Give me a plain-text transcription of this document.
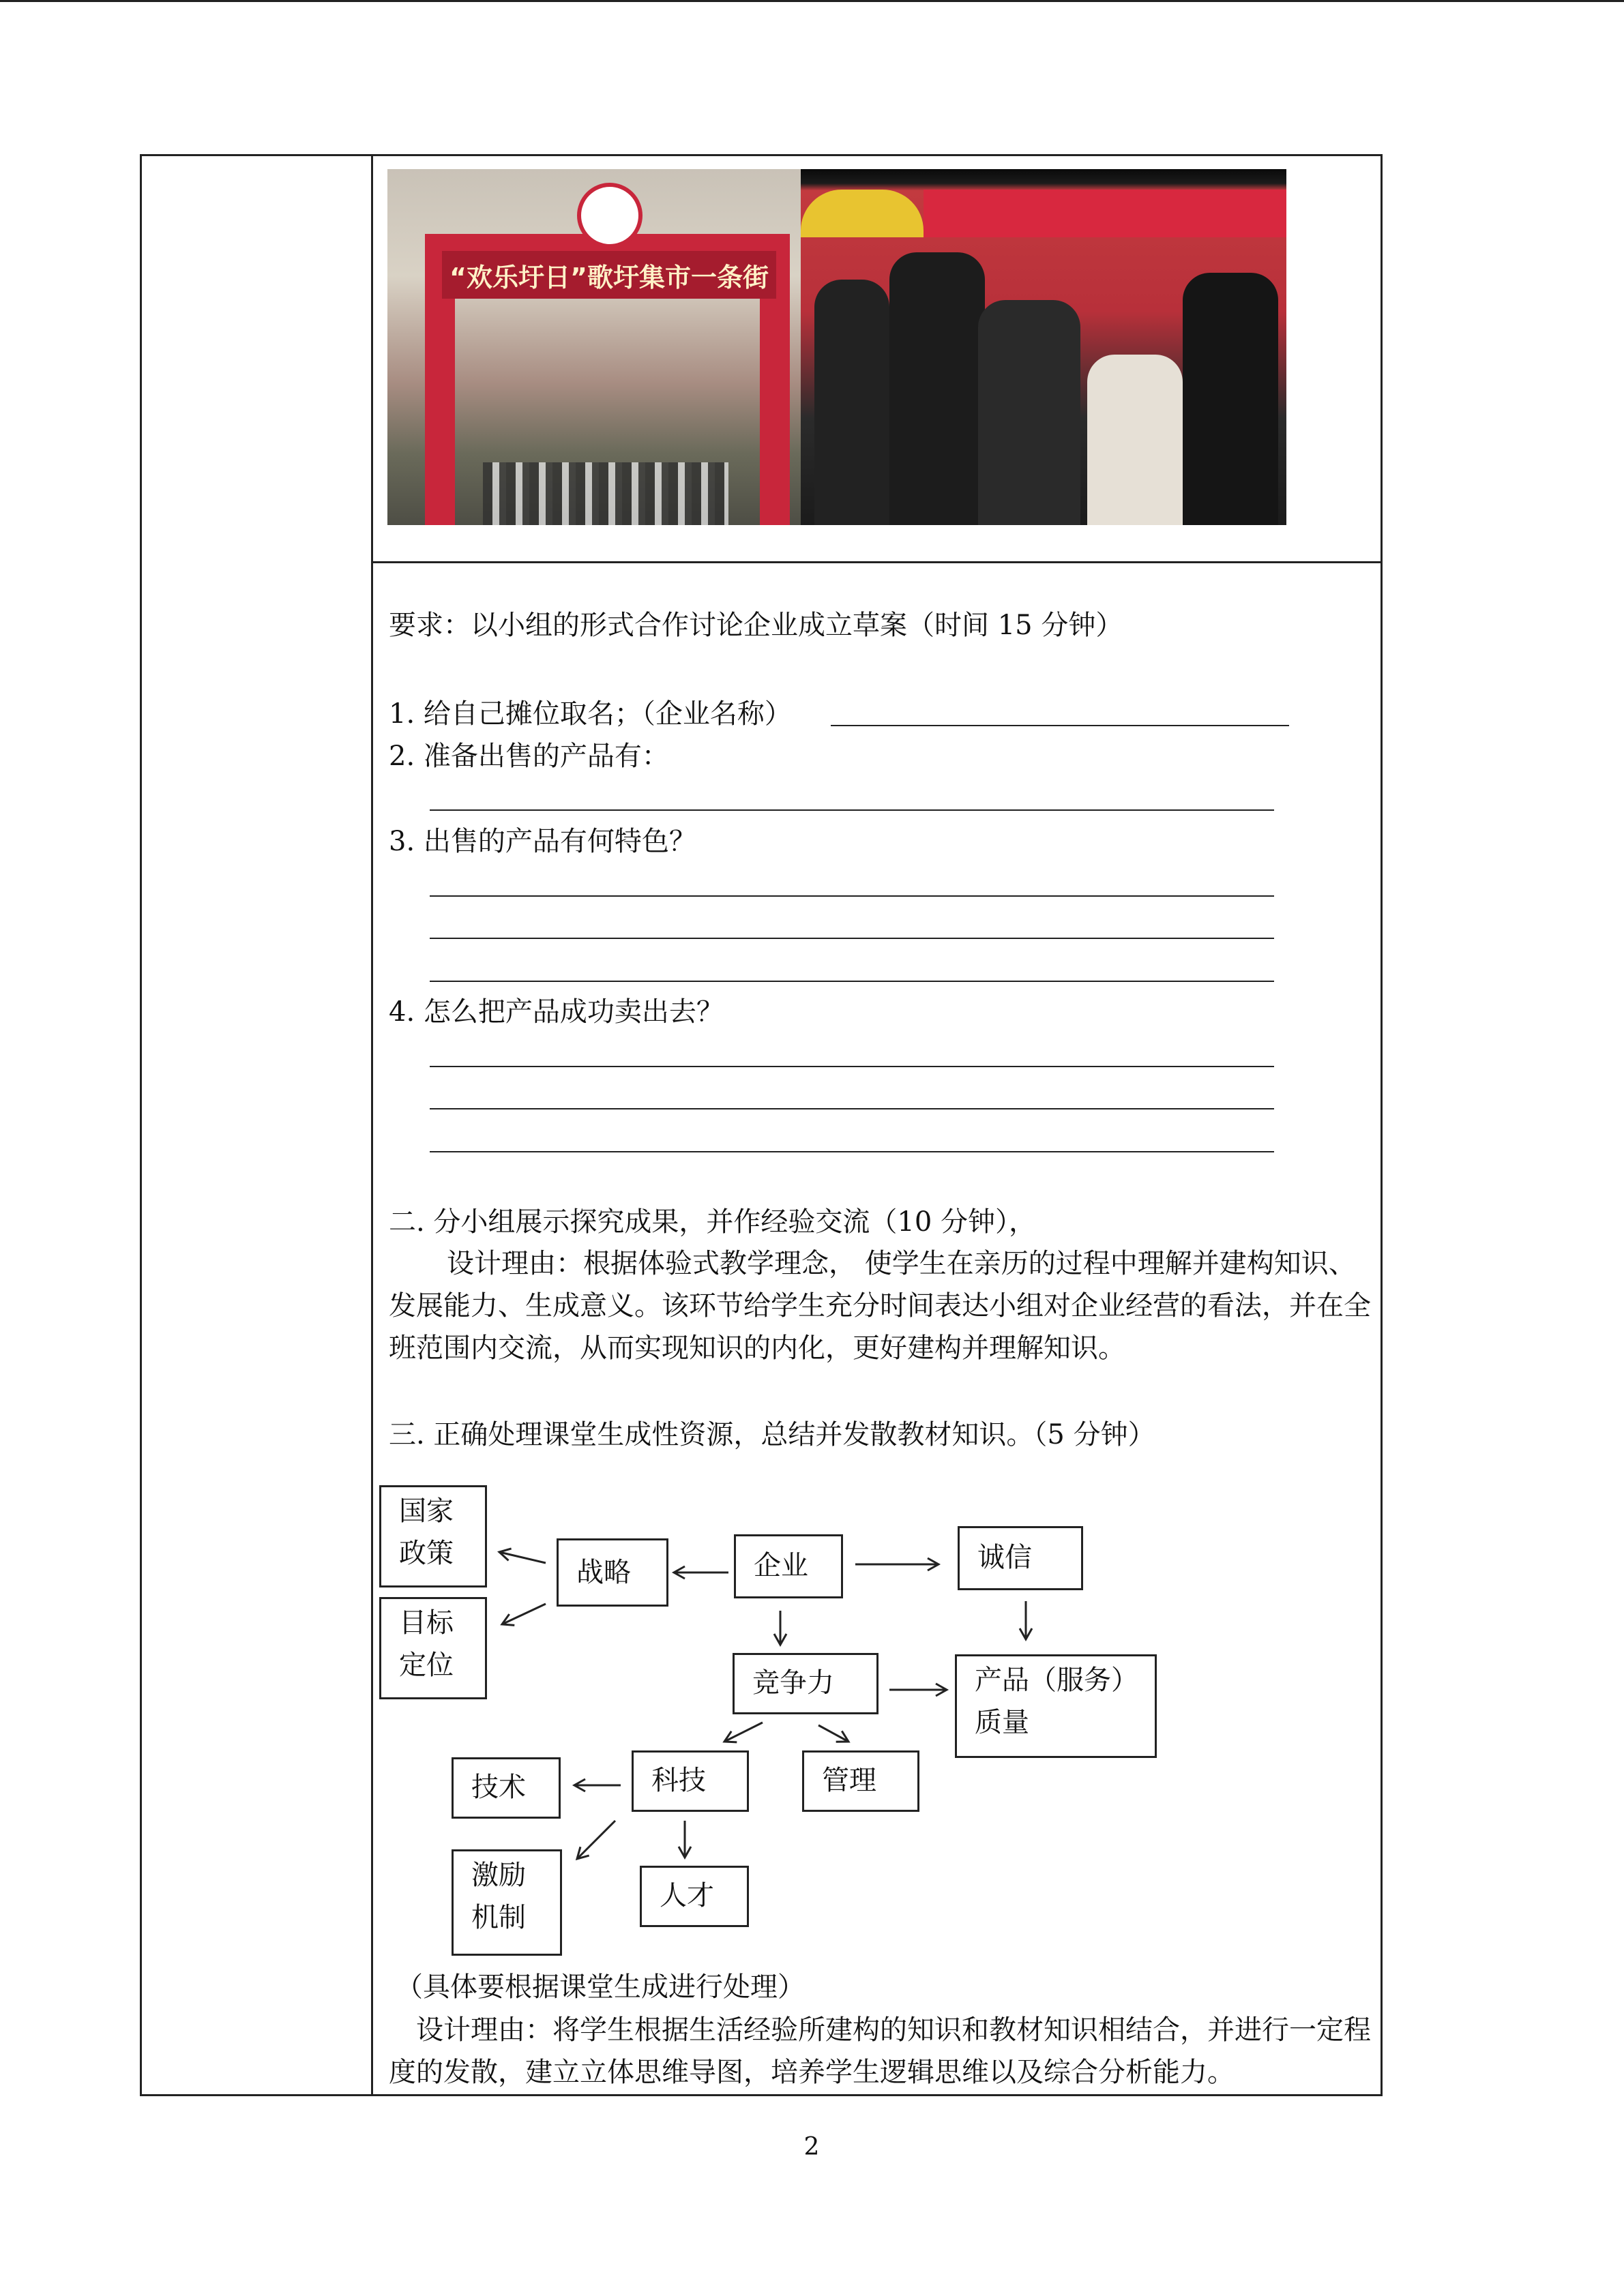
“欢乐圩日”歌圩集市一条街
要求：以小组的形式合作讨论企业成立草案（时间 15 分钟）
1. 给自己摊位取名；（企业名称）
2. 准备出售的产品有：
3. 出售的产品有何特色？
4. 怎么把产品成功卖出去？
二. 分小组展示探究成果，并作经验交流（10 分钟），
设计理由：根据体验式教学理念， 使学生在亲历的过程中理解并建构知识、发展能力、生成意义。该环节给学生充分时间表达小组对企业经营的看法，并在全班范围内交流，从而实现知识的内化，更好建构并理解知识。
三. 正确处理课堂生成性资源，总结并发散教材知识。（5 分钟）
国家政策
目标定位
战略	企业	诚信
竞争力	产品（服务）质量
技术	科技	管理
激励机制
人才
（具体要根据课堂生成进行处理）
设计理由：将学生根据生活经验所建构的知识和教材知识相结合，并进行一定程度的发散，建立立体思维导图，培养学生逻辑思维以及综合分析能力。
2
